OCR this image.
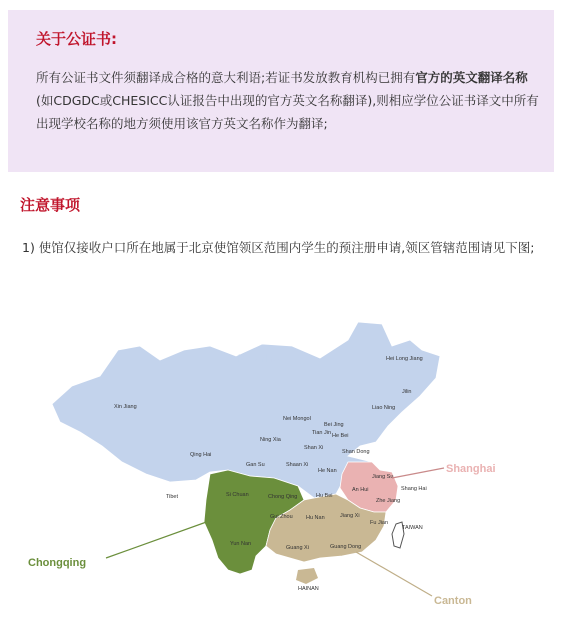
关于公证书:
所有公证书文件须翻译成合格的意大利语;若证书发放教育机构已拥有官方的英文翻译名称(如CDGDC或CHESICC认证报告中出现的官方英文名称翻译),则相应学位公证书译文中所有出现学校名称的地方须使用该官方英文名称作为翻译;
注意事项
1) 使馆仅接收户口所在地属于北京使馆领区范围内学生的预注册申请,领区管辖范围请见下图;
Hei Long Jiang
Jilin
Liao Ning
Xin Jiang
Nei Mongol
Bei Jing
Tian Jin
Ning Xia
He Bei
Shan Xi
Qing Hai	Shan Dong
Gan Su	Shaan Xi
He Nan
Jiang Su
Shang Hai
An Hui
Tibet	Si Chuan	Chong Qing	Hu Bei
Zhe Jiang
Gui Zhou Hu Nan	Jiang Xi
Fu Jian
TAIWAN
Yun Nan
Guang Xi	Guang Dong
HAINAN
Pechino
Shanghai
Chongqing
Canton
